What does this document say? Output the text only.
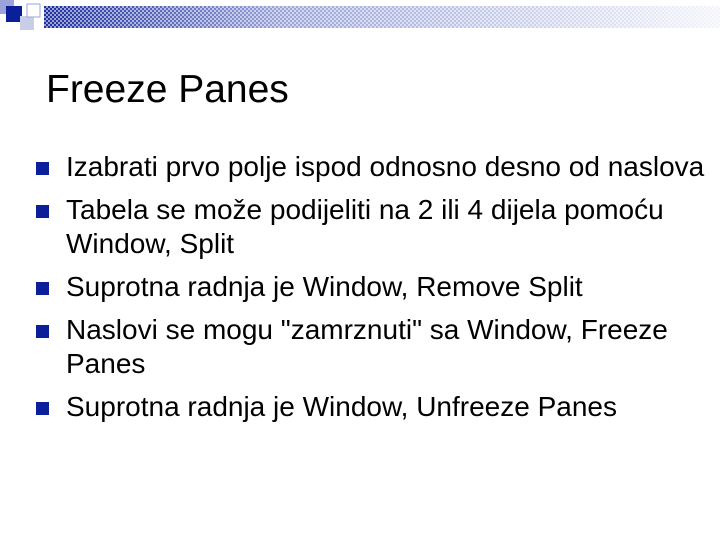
Freeze Panes
Izabrati prvo polje ispod odnosno desno od naslova
Tabela se može podijeliti na 2 ili 4 dijela pomoću Window, Split
Suprotna radnja je Window, Remove Split
Naslovi se mogu "zamrznuti" sa Window, Freeze Panes
Suprotna radnja je Window, Unfreeze Panes
